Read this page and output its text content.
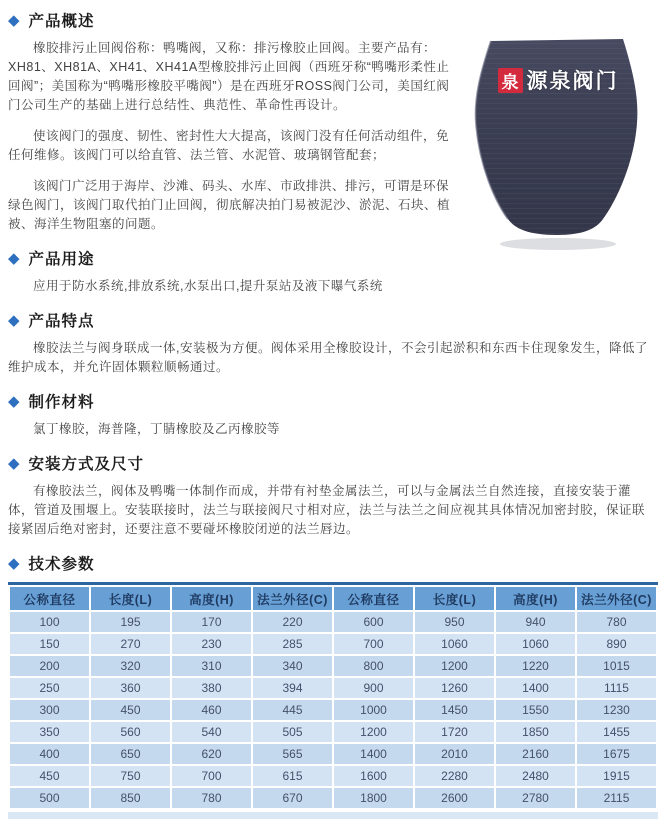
◆ 产品概述
泉 源泉阀门

橡胶排污止回阀俗称：鸭嘴阀，又称：排污橡胶止回阀。主要产品有：XH81、XH81A、XH41、XH41A型橡胶排污止回阀（西班牙称“鸭嘴形柔性止回阀”；美国称为“鸭嘴形橡胶平嘴阀”）是在西班牙ROSS阀门公司，美国红阀门公司生产的基础上进行总结性、典范性、革命性再设计。

使该阀门的强度、韧性、密封性大大提高，该阀门没有任何活动组件，免任何维修。该阀门可以给直管、法兰管、水泥管、玻璃钢管配套；

该阀门广泛用于海岸、沙滩、码头、水库、市政排洪、排污，可谓是环保绿色阀门，该阀门取代拍门止回阀，彻底解决拍门易被泥沙、淤泥、石块、植被、海洋生物阻塞的问题。

◆ 产品用途

应用于防水系统,排放系统,水泵出口,提升泵站及液下曝气系统

◆ 产品特点

橡胶法兰与阀身联成一体,安装极为方便。阀体采用全橡胶设计，不会引起淤积和东西卡住现象发生，降低了维护成本，并允许固体颗粒顺畅通过。

◆ 制作材料

氯丁橡胶，海普隆，丁腈橡胶及乙丙橡胶等

◆ 安装方式及尺寸

有橡胶法兰，阀体及鸭嘴一体制作而成，并带有衬垫金属法兰，可以与金属法兰自然连接，直接安装于灌体，管道及围堰上。安装联接时，法兰与联接阀尺寸相对应，法兰与法兰之间应视其具体情况加密封胶，保证联接紧固后绝对密封，还要注意不要碰坏橡胶闭逆的法兰唇边。

◆ 技术参数
公称直径	长度(L)	高度(H)	法兰外径(C)	公称直径	长度(L)	高度(H)	法兰外径(C)
100	195	170	220	600	950	940	780
150	270	230	285	700	1060	1060	890
200	320	310	340	800	1200	1220	1015
250	360	380	394	900	1260	1400	1115
300	450	460	445	1000	1450	1550	1230
350	560	540	505	1200	1720	1850	1455
400	650	620	565	1400	2010	2160	1675
450	750	700	615	1600	2280	2480	1915
500	850	780	670	1800	2600	2780	2115
